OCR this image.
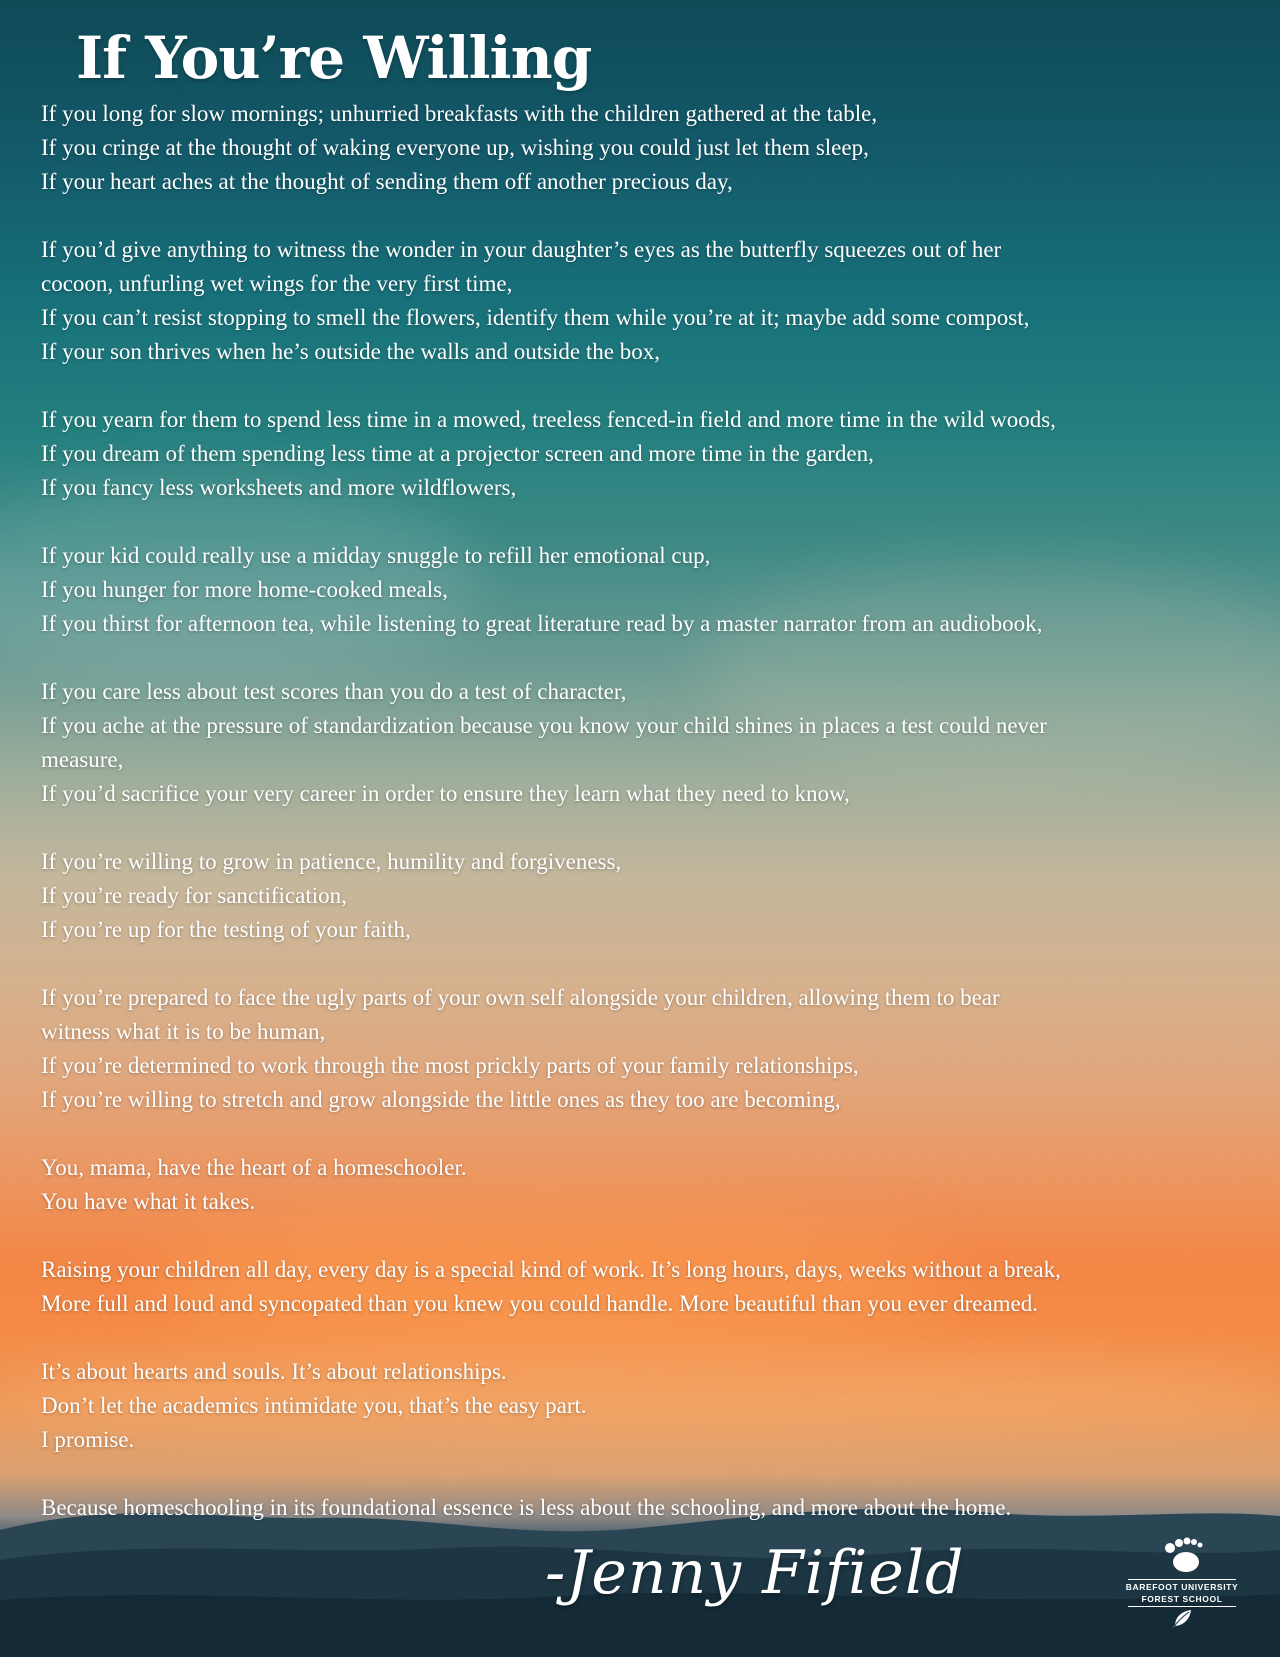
If You’re Willing

If you long for slow mornings; unhurried breakfasts with the children gathered at the table,
If you cringe at the thought of waking everyone up, wishing you could just let them sleep,
If your heart aches at the thought of sending them off another precious day,

If you’d give anything to witness the wonder in your daughter’s eyes as the butterfly squeezes out of her
cocoon, unfurling wet wings for the very first time,
If you can’t resist stopping to smell the flowers, identify them while you’re at it; maybe add some compost,
If your son thrives when he’s outside the walls and outside the box,

If you yearn for them to spend less time in a mowed, treeless fenced-in field and more time in the wild woods,
If you dream of them spending less time at a projector screen and more time in the garden,
If you fancy less worksheets and more wildflowers,

If your kid could really use a midday snuggle to refill her emotional cup,
If you hunger for more home-cooked meals,
If you thirst for afternoon tea, while listening to great literature read by a master narrator from an audiobook,

If you care less about test scores than you do a test of character,
If you ache at the pressure of standardization because you know your child shines in places a test could never
measure,
If you’d sacrifice your very career in order to ensure they learn what they need to know,

If you’re willing to grow in patience, humility and forgiveness,
If you’re ready for sanctification,
If you’re up for the testing of your faith,

If you’re prepared to face the ugly parts of your own self alongside your children, allowing them to bear
witness what it is to be human,
If you’re determined to work through the most prickly parts of your family relationships,
If you’re willing to stretch and grow alongside the little ones as they too are becoming,

You, mama, have the heart of a homeschooler.
You have what it takes.

Raising your children all day, every day is a special kind of work. It’s long hours, days, weeks without a break,
More full and loud and syncopated than you knew you could handle. More beautiful than you ever dreamed.

It’s about hearts and souls. It’s about relationships.
Don’t let the academics intimidate you, that’s the easy part.
I promise.

Because homeschooling in its foundational essence is less about the schooling, and more about the home.

-Jenny Fifield	BAREFOOT UNIVERSITY
FOREST SCHOOL
